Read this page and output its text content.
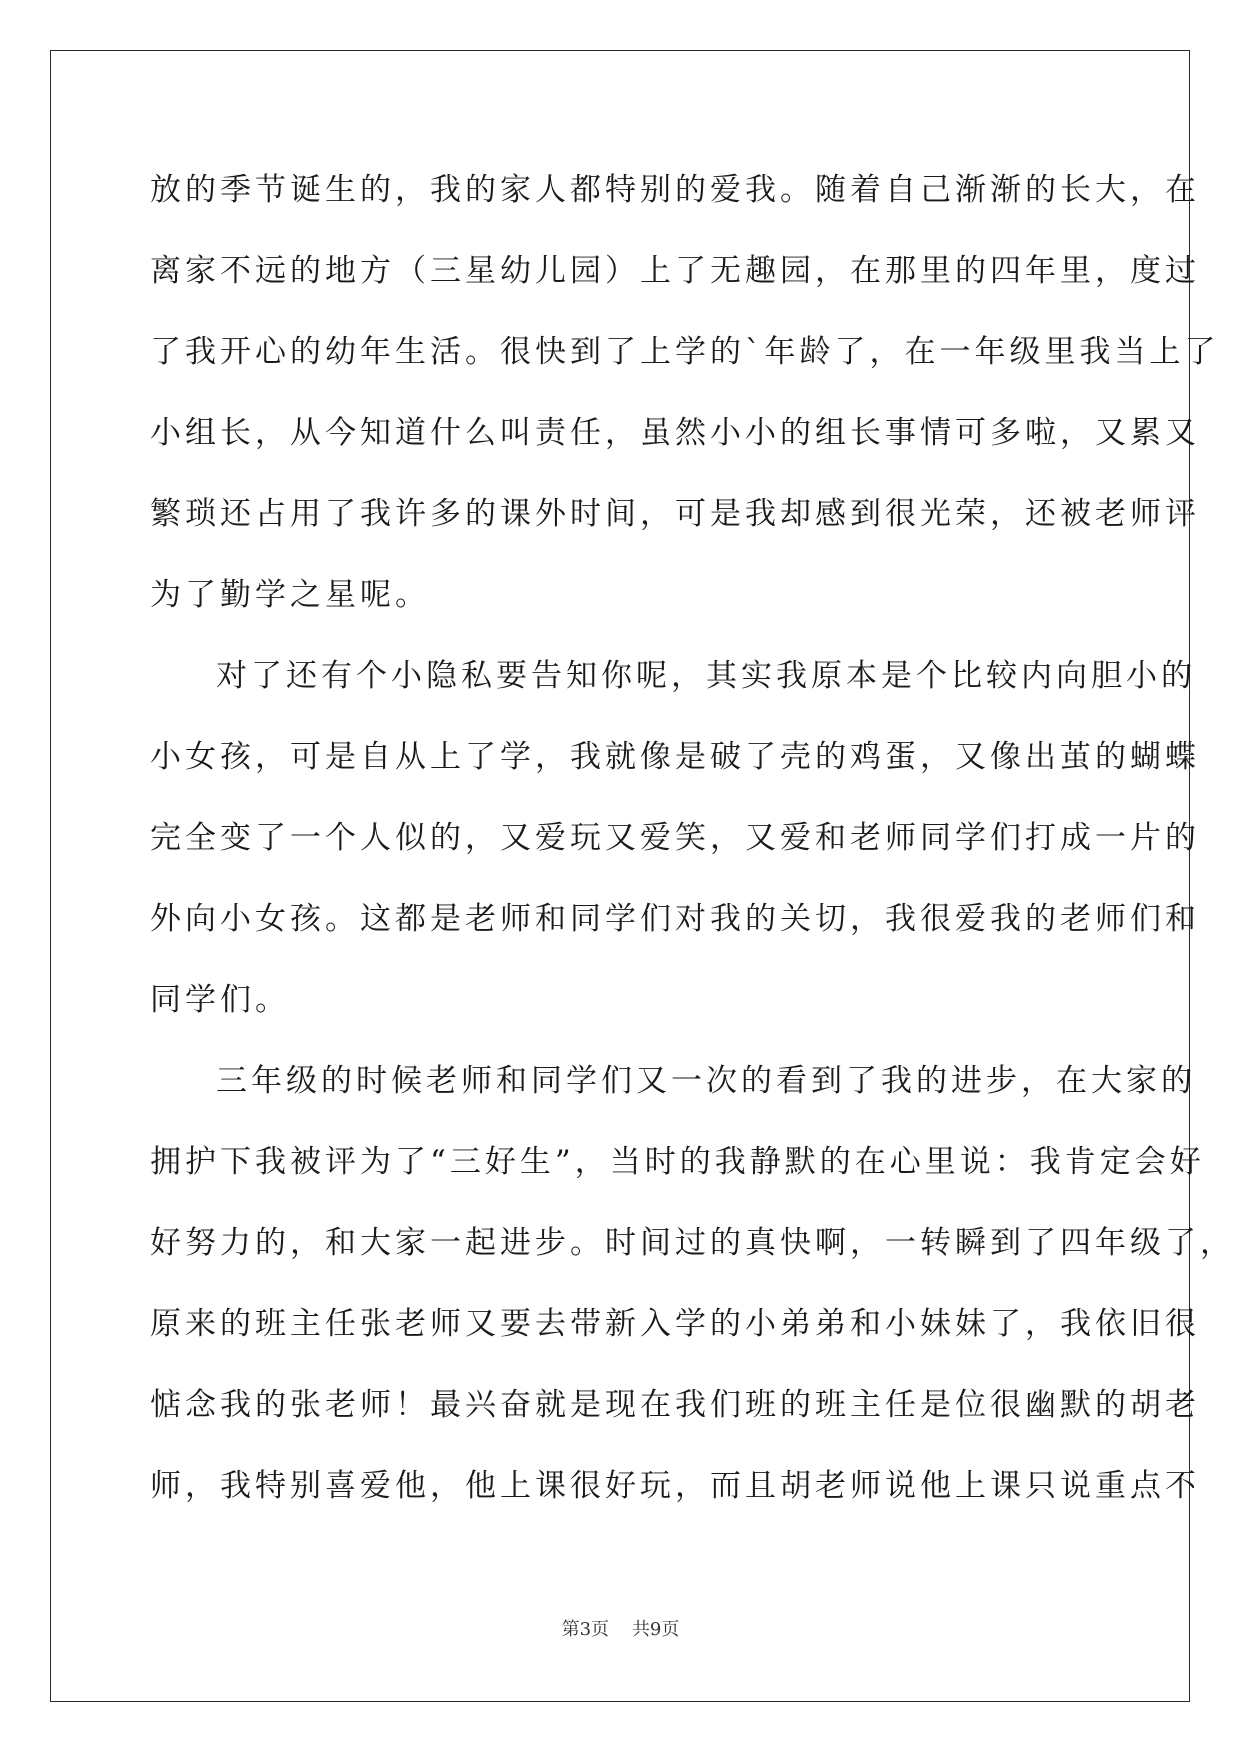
放的季节诞生的，我的家人都特别的爱我。随着自己渐渐的长大，在
离家不远的地方（三星幼儿园）上了无趣园，在那里的四年里，度过
了我开心的幼年生活。很快到了上学的`年龄了，在一年级里我当上了
小组长，从今知道什么叫责任，虽然小小的组长事情可多啦，又累又
繁琐还占用了我许多的课外时间，可是我却感到很光荣，还被老师评
为了勤学之星呢。
对了还有个小隐私要告知你呢，其实我原本是个比较内向胆小的
小女孩，可是自从上了学，我就像是破了壳的鸡蛋，又像出茧的蝴蝶
完全变了一个人似的，又爱玩又爱笑，又爱和老师同学们打成一片的
外向小女孩。这都是老师和同学们对我的关切，我很爱我的老师们和
同学们。
三年级的时候老师和同学们又一次的看到了我的进步，在大家的
拥护下我被评为了“三好生”，当时的我静默的在心里说：我肯定会好
好努力的，和大家一起进步。时间过的真快啊，一转瞬到了四年级了，
原来的班主任张老师又要去带新入学的小弟弟和小妹妹了，我依旧很
惦念我的张老师！最兴奋就是现在我们班的班主任是位很幽默的胡老
师，我特别喜爱他，他上课很好玩，而且胡老师说他上课只说重点不
第3页 共9页
